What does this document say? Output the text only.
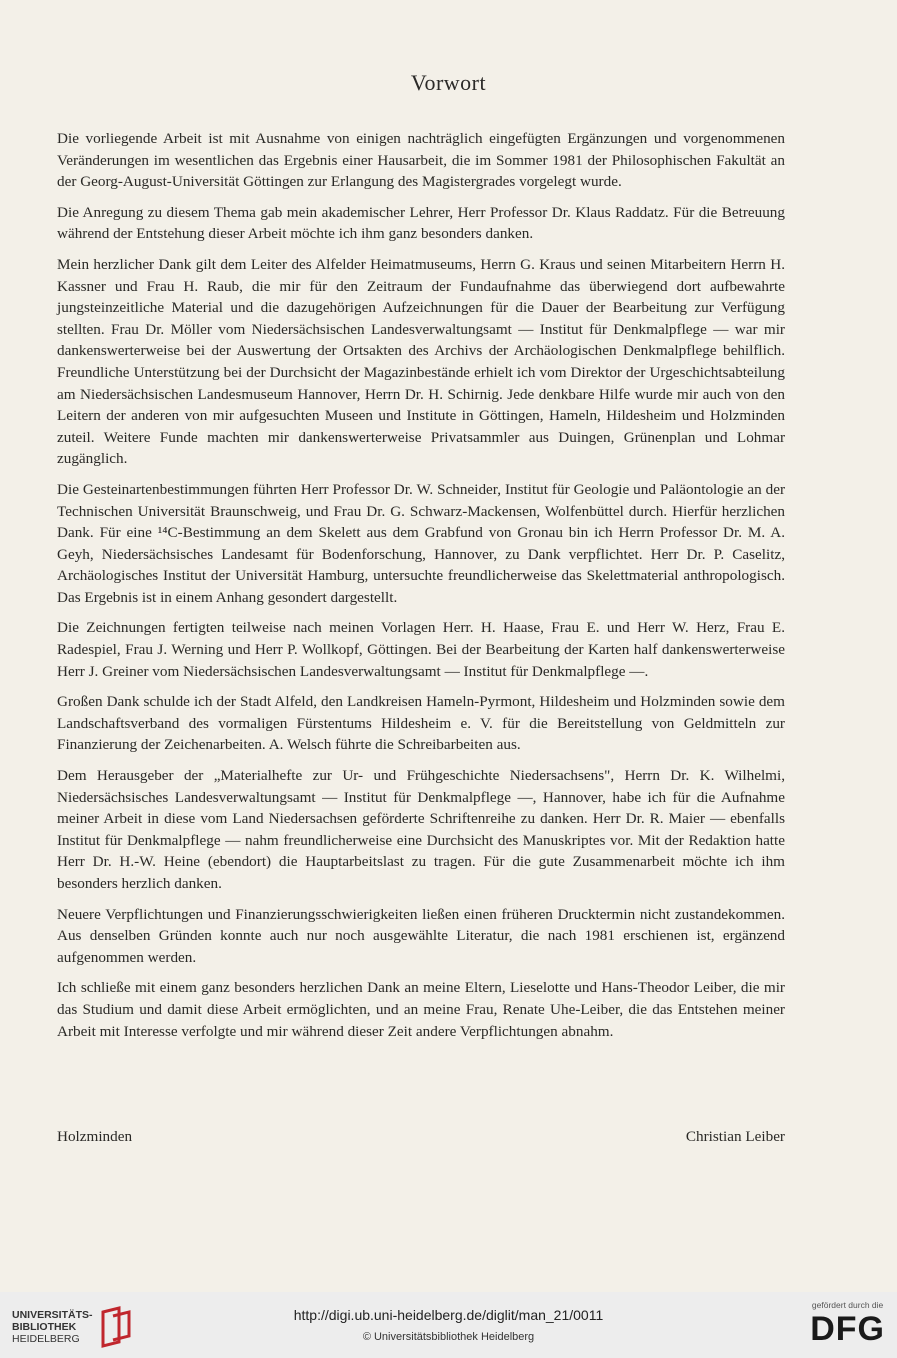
Vorwort

Die vorliegende Arbeit ist mit Ausnahme von einigen nachträglich eingefügten Ergänzungen und vorgenommenen Veränderungen im wesentlichen das Ergebnis einer Hausarbeit, die im Sommer 1981 der Philosophischen Fakultät an der Georg-August-Universität Göttingen zur Erlangung des Magistergrades vorgelegt wurde.

Die Anregung zu diesem Thema gab mein akademischer Lehrer, Herr Professor Dr. Klaus Raddatz. Für die Betreuung während der Entstehung dieser Arbeit möchte ich ihm ganz besonders danken.

Mein herzlicher Dank gilt dem Leiter des Alfelder Heimatmuseums, Herrn G. Kraus und seinen Mitarbeitern Herrn H. Kassner und Frau H. Raub, die mir für den Zeitraum der Fundaufnahme das überwiegend dort aufbewahrte jungsteinzeitliche Material und die dazugehörigen Aufzeichnungen für die Dauer der Bearbeitung zur Verfügung stellten. Frau Dr. Möller vom Niedersächsischen Landesverwaltungsamt — Institut für Denkmalpflege — war mir dankenswerterweise bei der Auswertung der Ortsakten des Archivs der Archäologischen Denkmalpflege behilflich. Freundliche Unterstützung bei der Durchsicht der Magazinbestände erhielt ich vom Direktor der Urgeschichtsabteilung am Niedersächsischen Landesmuseum Hannover, Herrn Dr. H. Schirnig. Jede denkbare Hilfe wurde mir auch von den Leitern der anderen von mir aufgesuchten Museen und Institute in Göttingen, Hameln, Hildesheim und Holzminden zuteil. Weitere Funde machten mir dankenswerterweise Privatsammler aus Duingen, Grünenplan und Lohmar zugänglich.

Die Gesteinartenbestimmungen führten Herr Professor Dr. W. Schneider, Institut für Geologie und Paläontologie an der Technischen Universität Braunschweig, und Frau Dr. G. Schwarz-Mackensen, Wolfenbüttel durch. Hierfür herzlichen Dank. Für eine ¹⁴C-Bestimmung an dem Skelett aus dem Grabfund von Gronau bin ich Herrn Professor Dr. M. A. Geyh, Niedersächsisches Landesamt für Bodenforschung, Hannover, zu Dank verpflichtet. Herr Dr. P. Caselitz, Archäologisches Institut der Universität Hamburg, untersuchte freundlicherweise das Skelettmaterial anthropologisch. Das Ergebnis ist in einem Anhang gesondert dargestellt.

Die Zeichnungen fertigten teilweise nach meinen Vorlagen Herr. H. Haase, Frau E. und Herr W. Herz, Frau E. Radespiel, Frau J. Werning und Herr P. Wollkopf, Göttingen. Bei der Bearbeitung der Karten half dankenswerterweise Herr J. Greiner vom Niedersächsischen Landesverwaltungsamt — Institut für Denkmalpflege —.

Großen Dank schulde ich der Stadt Alfeld, den Landkreisen Hameln-Pyrmont, Hildesheim und Holzminden sowie dem Landschaftsverband des vormaligen Fürstentums Hildesheim e. V. für die Bereitstellung von Geldmitteln zur Finanzierung der Zeichenarbeiten. A. Welsch führte die Schreibarbeiten aus.

Dem Herausgeber der „Materialhefte zur Ur- und Frühgeschichte Niedersachsens", Herrn Dr. K. Wilhelmi, Niedersächsisches Landesverwaltungsamt — Institut für Denkmalpflege —, Hannover, habe ich für die Aufnahme meiner Arbeit in diese vom Land Niedersachsen geförderte Schriftenreihe zu danken. Herr Dr. R. Maier — ebenfalls Institut für Denkmalpflege — nahm freundlicherweise eine Durchsicht des Manuskriptes vor. Mit der Redaktion hatte Herr Dr. H.-W. Heine (ebendort) die Hauptarbeitslast zu tragen. Für die gute Zusammenarbeit möchte ich ihm besonders herzlich danken.

Neuere Verpflichtungen und Finanzierungsschwierigkeiten ließen einen früheren Drucktermin nicht zustandekommen. Aus denselben Gründen konnte auch nur noch ausgewählte Literatur, die nach 1981 erschienen ist, ergänzend aufgenommen werden.

Ich schließe mit einem ganz besonders herzlichen Dank an meine Eltern, Lieselotte und Hans-Theodor Leiber, die mir das Studium und damit diese Arbeit ermöglichten, und an meine Frau, Renate Uhe-Leiber, die das Entstehen meiner Arbeit mit Interesse verfolgte und mir während dieser Zeit andere Verpflichtungen abnahm.

Holzminden	Christian Leiber
UNIVERSITÄTS-
BIBLIOTHEK
HEIDELBERG
http://digi.ub.uni-heidelberg.de/diglit/man_21/0011
© Universitätsbibliothek Heidelberg
gefördert durch die
DFG
